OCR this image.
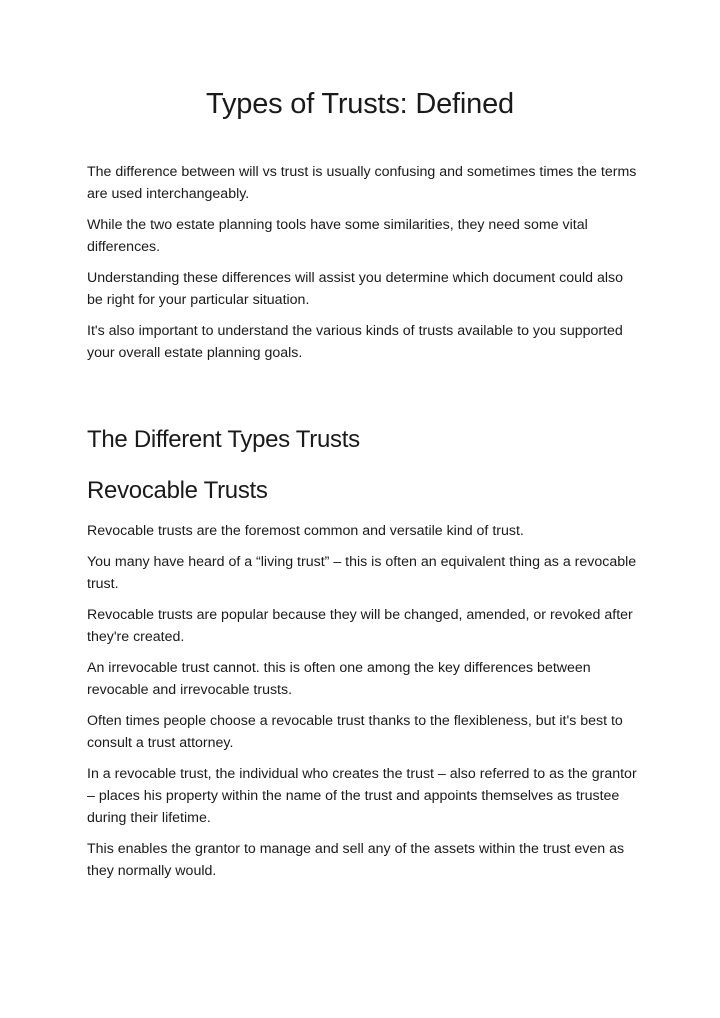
Types of Trusts: Defined

The difference between will vs trust is usually confusing and sometimes times the terms are used interchangeably.

While the two estate planning tools have some similarities, they need some vital differences.

Understanding these differences will assist you determine which document could also be right for your particular situation.

It's also important to understand the various kinds of trusts available to you supported your overall estate planning goals.

The Different Types Trusts
Revocable Trusts

Revocable trusts are the foremost common and versatile kind of trust.

You many have heard of a “living trust” – this is often an equivalent thing as a revocable trust.

Revocable trusts are popular because they will be changed, amended, or revoked after they're created.

An irrevocable trust cannot. this is often one among the key differences between revocable and irrevocable trusts.

Often times people choose a revocable trust thanks to the flexibleness, but it's best to consult a trust attorney.

In a revocable trust, the individual who creates the trust – also referred to as the grantor – places his property within the name of the trust and appoints themselves as trustee during their lifetime.

This enables the grantor to manage and sell any of the assets within the trust even as they normally would.
